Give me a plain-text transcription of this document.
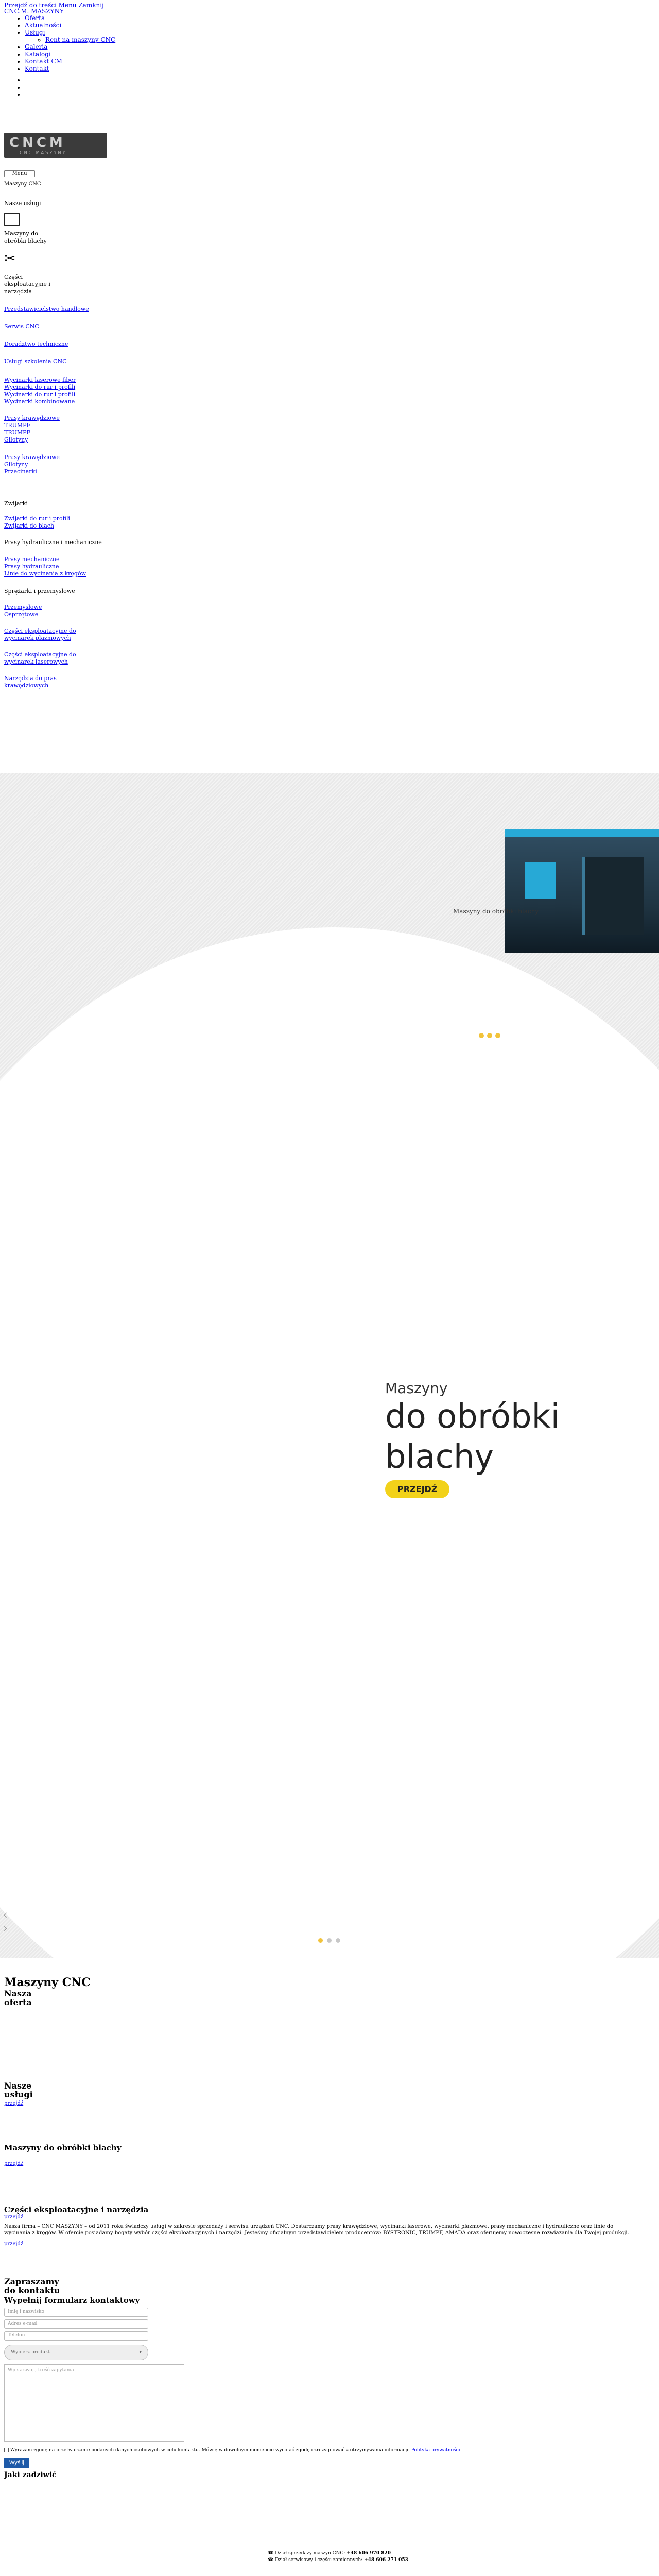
Przejdź do treści Menu Zamknij
CNC.M. MASZYNY
• Oferta
• Aktualności
• Usługi
◦ Rent na maszyny CNC
• Galeria
• Katalogi
• Kontakt CM
• Kontakt
•
•
•
CNCM
CNC MASZYNY
Menu
Maszyny CNC
Nasze usługi
Maszyny do obróbki blachy
✂
Części eksploatacyjne i narzędzia
Przedstawicielstwo handlowe
Serwis CNC
Doradztwo techniczne
Usługi szkolenia CNC
Wycinarki laserowe fiber
Wycinarki do rur i profili
Wycinarki do rur i profili
Wycinarki kombinowane
Prasy krawędziowe
TRUMPF
TRUMPF
Gilotyny
Prasy krawędziowe
Gilotyny
Przecinarki
Zwijarki
Zwijarki do rur i profili
Zwijarki do blach
Prasy hydrauliczne i mechaniczne
Prasy mechaniczne
Prasy hydrauliczne
Linie do wycinania z kręgów
Sprężarki i przemysłowe
Przemysłowe
Osprzętowe
Części eksploatacyjne do wycinarek plazmowych
Części eksploatacyjne do wycinarek laserowych
Narzędzia do pras krawędziowych
Maszyny do obróbki blachy
Maszyny
do obróbki
blachy
PRZEJDŹ
‹
›
Maszyny CNC
Nasza
oferta
Nasze
usługi
przejdź
Maszyny do obróbki blachy
przejdź
Części eksploatacyjne i narzędzia
przejdź

Nasza firma – CNC MASZYNY – od 2011 roku świadczy usługi w zakresie sprzedaży i serwisu urządzeń CNC. Dostarczamy prasy krawędziowe, wycinarki laserowe, wycinarki plazmowe, prasy mechaniczne i hydrauliczne oraz linie do wycinania z kręgów. W ofercie posiadamy bogaty wybór części eksploatacyjnych i narzędzi. Jesteśmy oficjalnym przedstawicielem producentów: BYSTRONIC, TRUMPF, AMADA oraz oferujemy nowoczesne rozwiązania dla Twojej produkcji.

przejdź
Zapraszamy
do kontaktu
Wypełnij formularz kontaktowy
Imię i nazwisko
Adres e-mail
Telefon
Wybierz produkt	▾
Wpisz swoją treść zapytania
Wyrażam zgodę na przetwarzanie podanych danych osobowych w celu kontaktu. Mówię w dowolnym momencie wycofać zgodę i zrezygnować z otrzymywania informacji. Polityka prywatności
Wyślij
Jaki zadziwić
☎ Dział sprzedaży maszyn CNC: +48 606 970 820
☎ Dział serwisowy i części zamiennych: +48 606 271 053
